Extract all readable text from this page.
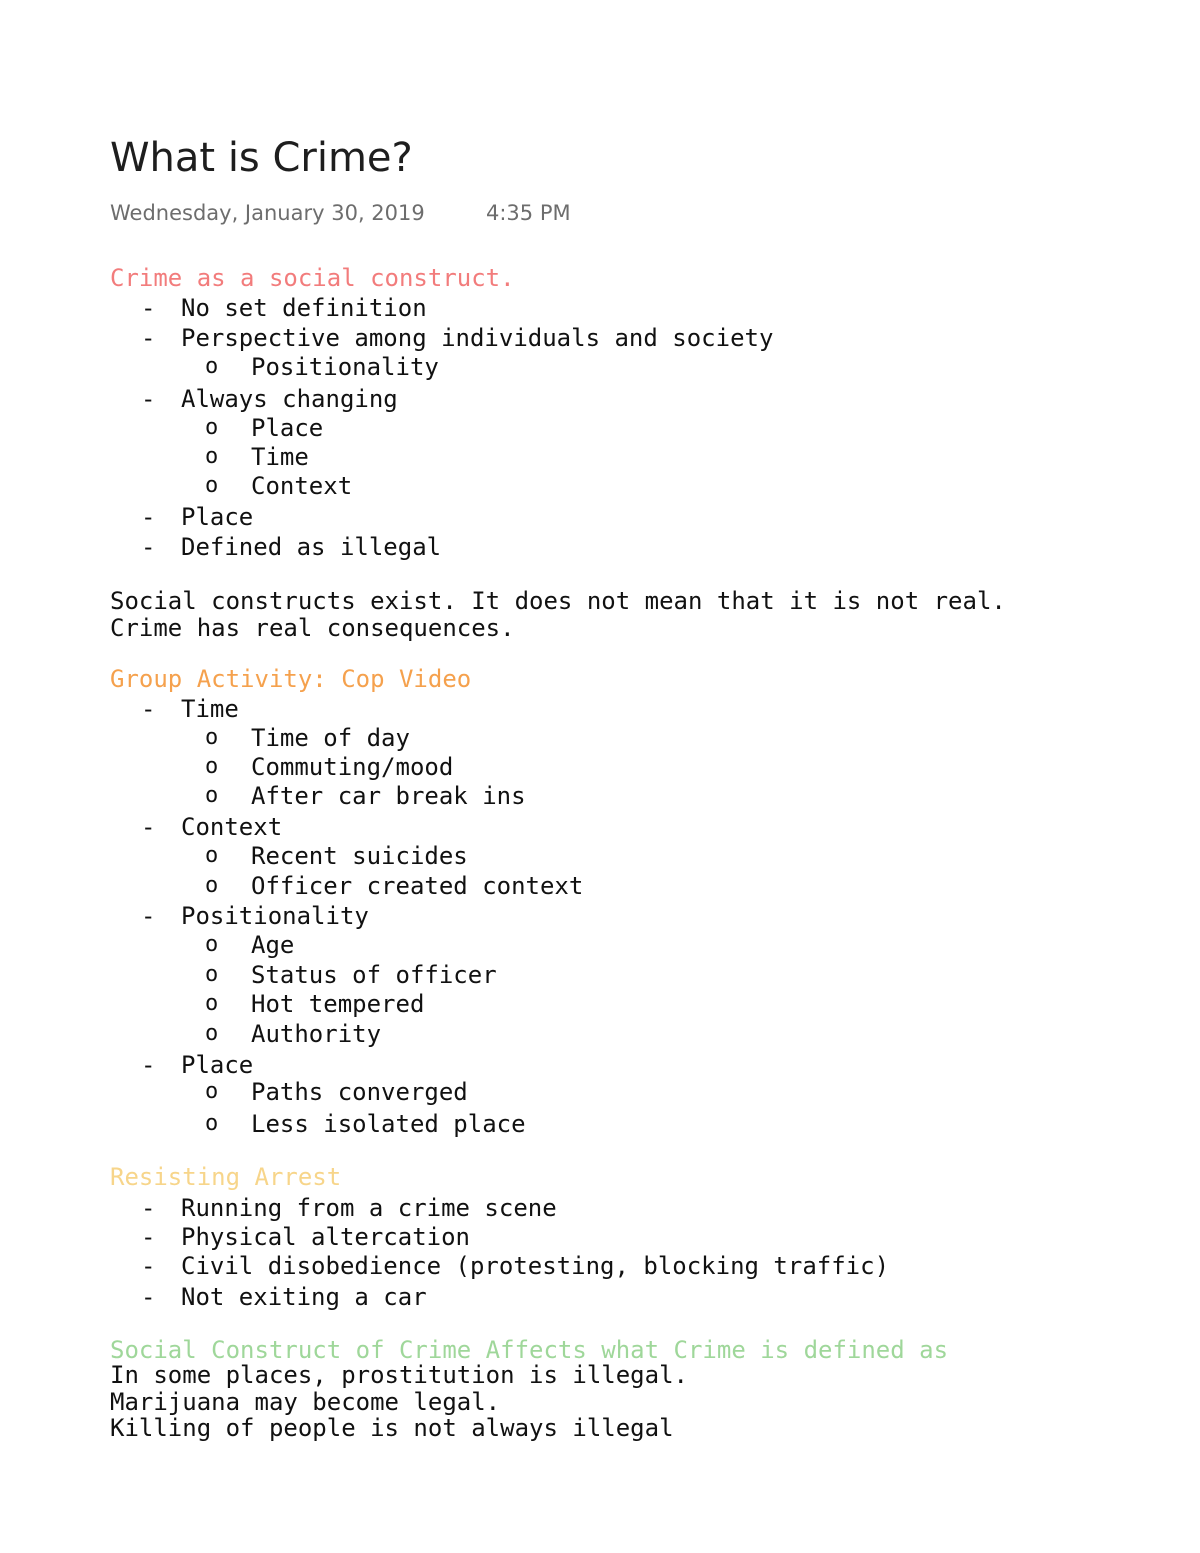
What is Crime?
Wednesday, January 30, 2019	4:35 PM
Crime as a social construct.
- No set definition
- Perspective among individuals and society
o Positionality
- Always changing
o Place
o Time
o Context
- Place
- Defined as illegal
Social constructs exist. It does not mean that it is not real.
Crime has real consequences.
Group Activity: Cop Video
- Time
o Time of day
o Commuting/mood
o After car break ins
- Context
o Recent suicides
o Officer created context
- Positionality
o Age
o Status of officer
o Hot tempered
o Authority
- Place
o Paths converged
o Less isolated place
Resisting Arrest
- Running from a crime scene
- Physical altercation
- Civil disobedience (protesting, blocking traffic)
- Not exiting a car
Social Construct of Crime Affects what Crime is defined as
In some places, prostitution is illegal.
Marijuana may become legal.
Killing of people is not always illegal
